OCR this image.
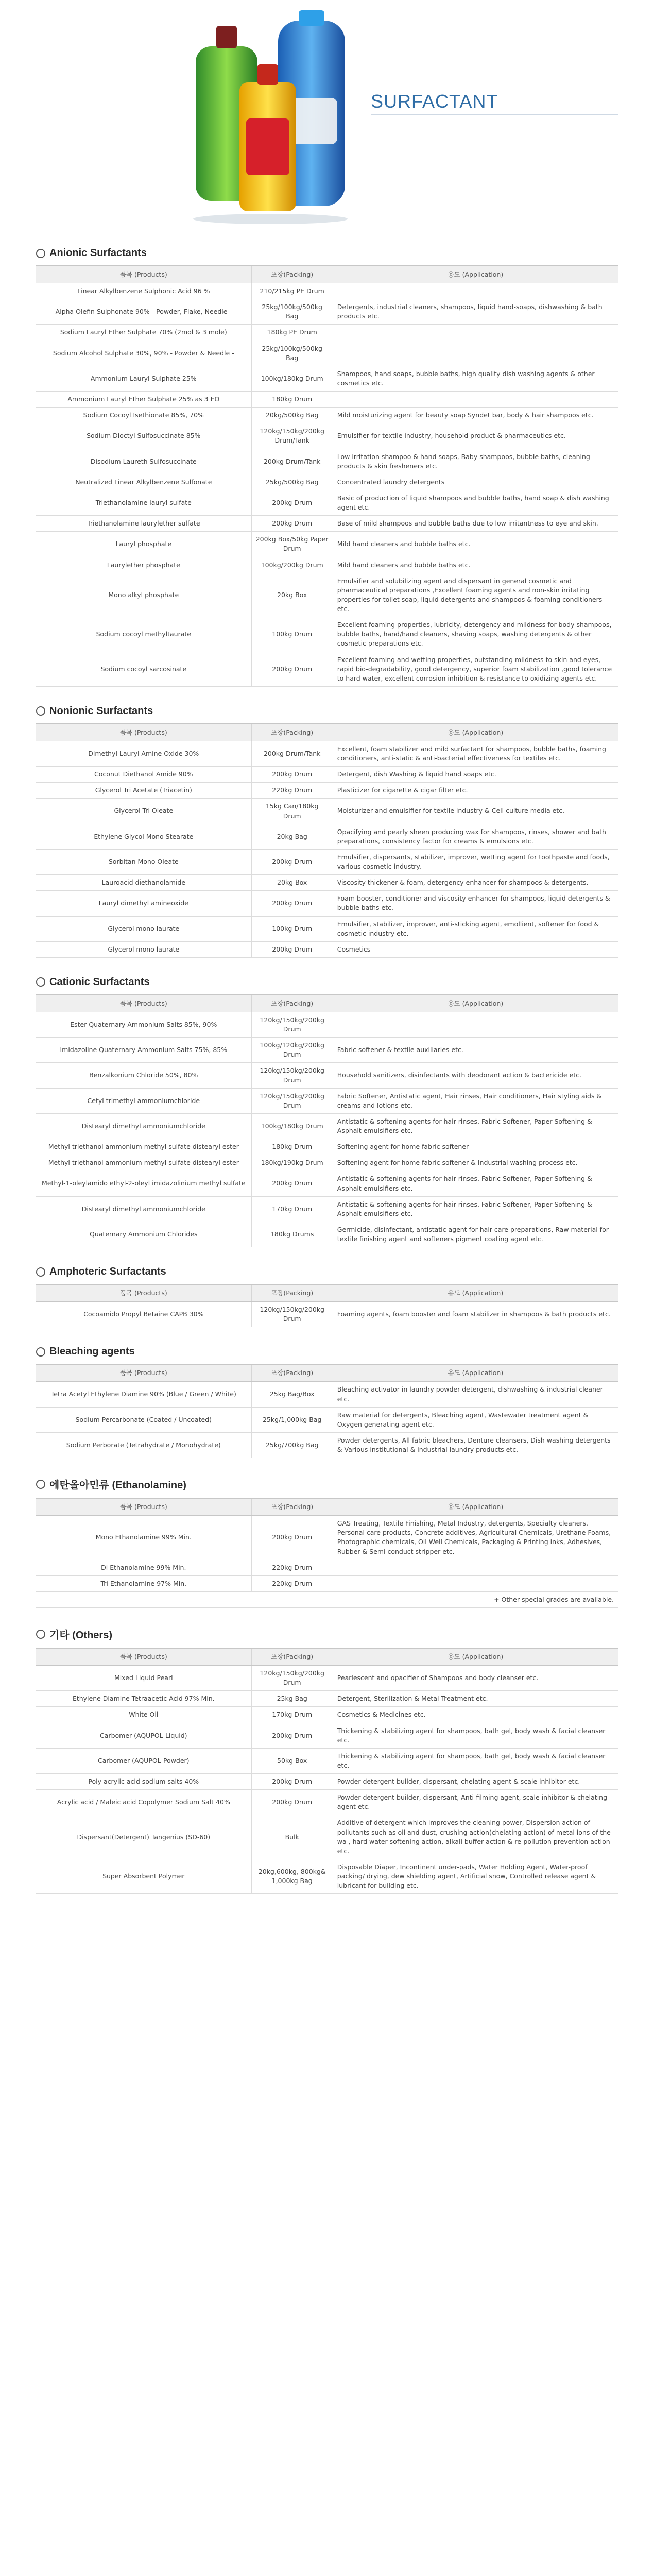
SURFACTANT
Anionic Surfactants
품목 (Products)	포장(Packing)	용도 (Application)
Linear Alkylbenzene Sulphonic Acid 96 %	210/215kg PE Drum	
Alpha Olefin Sulphonate 90% - Powder, Flake, Needle -	25kg/100kg/500kg Bag	Detergents, industrial cleaners, shampoos, liquid hand-soaps, dishwashing & bath products etc.
Sodium Lauryl Ether Sulphate 70% (2mol & 3 mole)	180kg PE Drum	
Sodium Alcohol Sulphate 30%, 90% - Powder & Needle -	25kg/100kg/500kg Bag	
Ammonium Lauryl Sulphate 25%	100kg/180kg Drum	Shampoos, hand soaps, bubble baths, high quality dish washing agents & other cosmetics etc.
Ammonium Lauryl Ether Sulphate 25% as 3 EO	180kg Drum	
Sodium Cocoyl Isethionate 85%, 70%	20kg/500kg Bag	Mild moisturizing agent for beauty soap Syndet bar, body & hair shampoos etc.
Sodium Dioctyl Sulfosuccinate 85%	120kg/150kg/200kg Drum/Tank	Emulsifier for textile industry, household product & pharmaceutics etc.
Disodium Laureth Sulfosuccinate	200kg Drum/Tank	Low irritation shampoo & hand soaps, Baby shampoos, bubble baths, cleaning products & skin fresheners etc.
Neutralized Linear Alkylbenzene Sulfonate	25kg/500kg Bag	Concentrated laundry detergents
Triethanolamine lauryl sulfate	200kg Drum	Basic of production of liquid shampoos and bubble baths, hand soap & dish washing agent etc.
Triethanolamine laurylether sulfate	200kg Drum	Base of mild shampoos and bubble baths due to low irritantness to eye and skin.
Lauryl phosphate	200kg Box/50kg Paper Drum	Mild hand cleaners and bubble baths etc.
Laurylether phosphate	100kg/200kg Drum	Mild hand cleaners and bubble baths etc.
Mono alkyl phosphate	20kg Box	Emulsifier and solubilizing agent and dispersant in general cosmetic and pharmaceutical preparations ,Excellent foaming agents and non-skin irritating properties for toilet soap, liquid detergents and shampoos & foaming conditioners etc.
Sodium cocoyl methyltaurate	100kg Drum	Excellent foaming properties, lubricity, detergency and mildness for body shampoos, bubble baths, hand/hand cleaners, shaving soaps, washing detergents & other cosmetic preparations etc.
Sodium cocoyl sarcosinate	200kg Drum	Excellent foaming and wetting properties, outstanding mildness to skin and eyes, rapid bio-degradability, good detergency, superior foam stabilization ,good tolerance to hard water, excellent corrosion inhibition & resistance to oxidizing agents etc.
Nonionic Surfactants
품목 (Products)	포장(Packing)	용도 (Application)
Dimethyl Lauryl Amine Oxide 30%	200kg Drum/Tank	Excellent, foam stabilizer and mild surfactant for shampoos, bubble baths, foaming conditioners, anti-static & anti-bacterial effectiveness for textiles etc.
Coconut Diethanol Amide 90%	200kg Drum	Detergent, dish Washing & liquid hand soaps etc.
Glycerol Tri Acetate (Triacetin)	220kg Drum	Plasticizer for cigarette & cigar filter etc.
Glycerol Tri Oleate	15kg Can/180kg Drum	Moisturizer and emulsifier for textile industry & Cell culture media etc.
Ethylene Glycol Mono Stearate	20kg Bag	Opacifying and pearly sheen producing wax for shampoos, rinses, shower and bath preparations, consistency factor for creams & emulsions etc.
Sorbitan Mono Oleate	200kg Drum	Emulsifier, dispersants, stabilizer, improver, wetting agent for toothpaste and foods, various cosmetic industry.
Lauroacid diethanolamide	20kg Box	Viscosity thickener & foam, detergency enhancer for shampoos & detergents.
Lauryl dimethyl amineoxide	200kg Drum	Foam booster, conditioner and viscosity enhancer for shampoos, liquid detergents & bubble baths etc.
Glycerol mono laurate	100kg Drum	Emulsifier, stabilizer, improver, anti-sticking agent, emollient, softener for food & cosmetic industry etc.
Glycerol mono laurate	200kg Drum	Cosmetics
Cationic Surfactants
품목 (Products)	포장(Packing)	용도 (Application)
Ester Quaternary Ammonium Salts 85%, 90%	120kg/150kg/200kg Drum	
Imidazoline Quaternary Ammonium Salts 75%, 85%	100kg/120kg/200kg Drum	Fabric softener & textile auxiliaries etc.
Benzalkonium Chloride 50%, 80%	120kg/150kg/200kg Drum	Household sanitizers, disinfectants with deodorant action & bactericide etc.
Cetyl trimethyl ammoniumchloride	120kg/150kg/200kg Drum	Fabric Softener, Antistatic agent, Hair rinses, Hair conditioners, Hair styling aids & creams and lotions etc.
Distearyl dimethyl ammoniumchloride	100kg/180kg Drum	Antistatic & softening agents for hair rinses, Fabric Softener, Paper Softening & Asphalt emulsifiers etc.
Methyl triethanol ammonium methyl sulfate distearyl ester	180kg Drum	Softening agent for home fabric softener
Methyl triethanol ammonium methyl sulfate distearyl ester	180kg/190kg Drum	Softening agent for home fabric softener & Industrial washing process etc.
Methyl-1-oleylamido ethyl-2-oleyl imidazolinium methyl sulfate	200kg Drum	Antistatic & softening agents for hair rinses, Fabric Softener, Paper Softening & Asphalt emulsifiers etc.
Distearyl dimethyl ammoniumchloride	170kg Drum	Antistatic & softening agents for hair rinses, Fabric Softener, Paper Softening & Asphalt emulsifiers etc.
Quaternary Ammonium Chlorides	180kg Drums	Germicide, disinfectant, antistatic agent for hair care preparations, Raw material for textile finishing agent and softeners pigment coating agent etc.
Amphoteric Surfactants
품목 (Products)	포장(Packing)	용도 (Application)
Cocoamido Propyl Betaine CAPB 30%	120kg/150kg/200kg Drum	Foaming agents, foam booster and foam stabilizer in shampoos & bath products etc.
Bleaching agents
품목 (Products)	포장(Packing)	용도 (Application)
Tetra Acetyl Ethylene Diamine 90% (Blue / Green / White)	25kg Bag/Box	Bleaching activator in laundry powder detergent, dishwashing & industrial cleaner etc.
Sodium Percarbonate (Coated / Uncoated)	25kg/1,000kg Bag	Raw material for detergents, Bleaching agent, Wastewater treatment agent & Oxygen generating agent etc.
Sodium Perborate (Tetrahydrate / Monohydrate)	25kg/700kg Bag	Powder detergents, All fabric bleachers, Denture cleansers, Dish washing detergents & Various institutional & industrial laundry products etc.
에탄올아민류 (Ethanolamine)
품목 (Products)	포장(Packing)	용도 (Application)
Mono Ethanolamine 99% Min.	200kg Drum	GAS Treating, Textile Finishing, Metal Industry, detergents, Specialty cleaners, Personal care products, Concrete additives, Agricultural Chemicals, Urethane Foams, Photographic chemicals, Oil Well Chemicals, Packaging & Printing inks, Adhesives, Rubber & Semi conduct stripper etc.
Di Ethanolamine 99% Min.	220kg Drum	
Tri Ethanolamine 97% Min.	220kg Drum	
+ Other special grades are available.		
기타 (Others)
품목 (Products)	포장(Packing)	용도 (Application)
Mixed Liquid Pearl	120kg/150kg/200kg Drum	Pearlescent and opacifier of Shampoos and body cleanser etc.
Ethylene Diamine Tetraacetic Acid 97% Min.	25kg Bag	Detergent, Sterilization & Metal Treatment etc.
White Oil	170kg Drum	Cosmetics & Medicines etc.
Carbomer (AQUPOL-Liquid)	200kg Drum	Thickening & stabilizing agent for shampoos, bath gel, body wash & facial cleanser etc.
Carbomer (AQUPOL-Powder)	50kg Box	Thickening & stabilizing agent for shampoos, bath gel, body wash & facial cleanser etc.
Poly acrylic acid sodium salts 40%	200kg Drum	Powder detergent builder, dispersant, chelating agent & scale inhibitor etc.
Acrylic acid / Maleic acid Copolymer Sodium Salt 40%	200kg Drum	Powder detergent builder, dispersant, Anti-filming agent, scale inhibitor & chelating agent etc.
Dispersant(Detergent) Tangenius (SD-60)	Bulk	Additive of detergent which improves the cleaning power, Dispersion action of pollutants such as oil and dust, crushing action(chelating action) of metal ions of the wa , hard water softening action, alkali buffer action & re-pollution prevention action etc.
Super Absorbent Polymer	20kg,600kg, 800kg& 1,000kg Bag	Disposable Diaper, Incontinent under-pads, Water Holding Agent, Water-proof packing/ drying, dew shielding agent, Artificial snow, Controlled release agent & lubricant for building etc.
